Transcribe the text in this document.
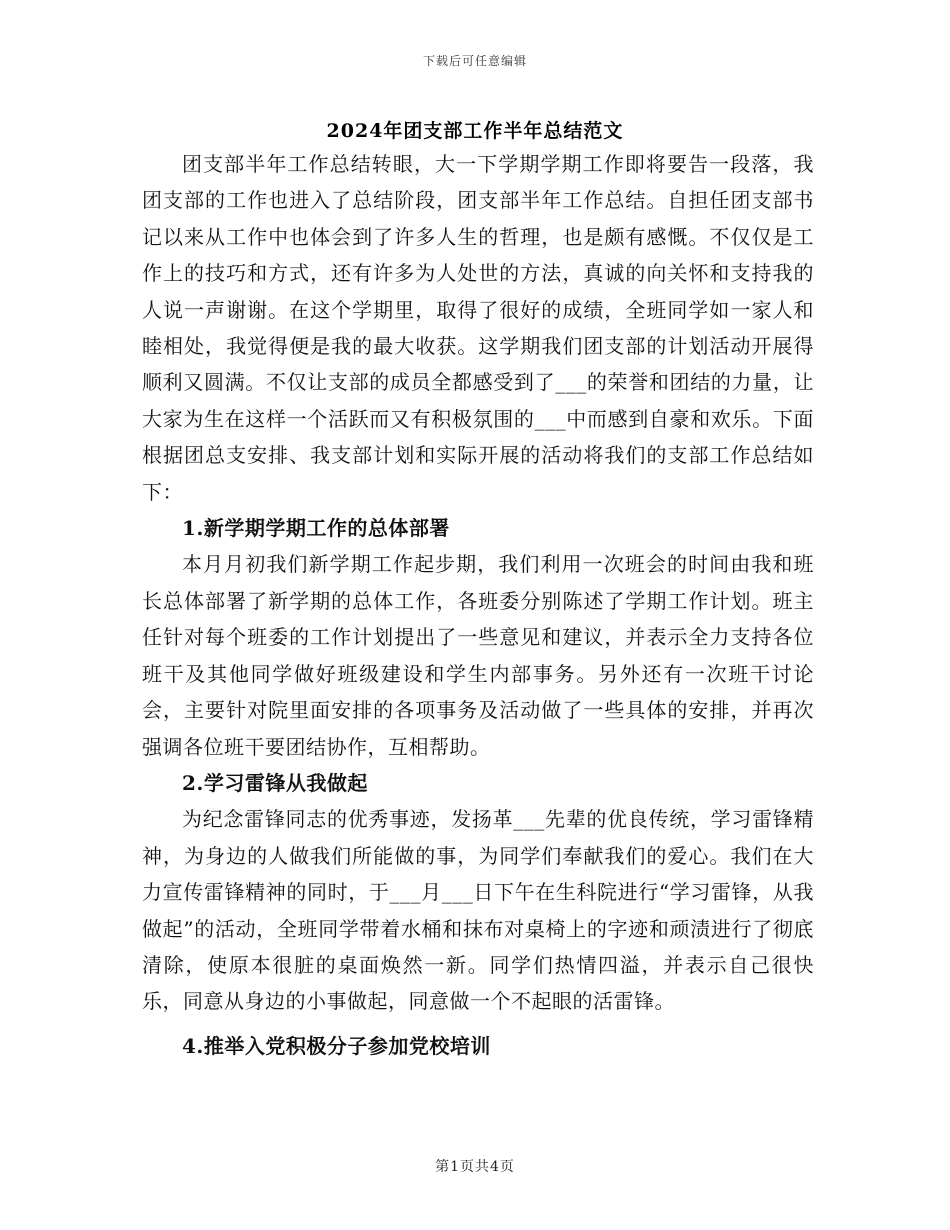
下载后可任意编辑
2024年团支部工作半年总结范文

团支部半年工作总结转眼，大一下学期学期工作即将要告一段落，我团支部的工作也进入了总结阶段，团支部半年工作总结。自担任团支部书记以来从工作中也体会到了许多人生的哲理，也是颇有感慨。不仅仅是工作上的技巧和方式，还有许多为人处世的方法，真诚的向关怀和支持我的人说一声谢谢。在这个学期里，取得了很好的成绩，全班同学如一家人和睦相处，我觉得便是我的最大收获。这学期我们团支部的计划活动开展得顺利又圆满。不仅让支部的成员全都感受到了___的荣誉和团结的力量，让大家为生在这样一个活跃而又有积极氛围的___中而感到自豪和欢乐。下面根据团总支安排、我支部计划和实际开展的活动将我们的支部工作总结如下：

1.新学期学期工作的总体部署

本月月初我们新学期工作起步期，我们利用一次班会的时间由我和班长总体部署了新学期的总体工作，各班委分别陈述了学期工作计划。班主任针对每个班委的工作计划提出了一些意见和建议，并表示全力支持各位班干及其他同学做好班级建设和学生内部事务。另外还有一次班干讨论会，主要针对院里面安排的各项事务及活动做了一些具体的安排，并再次强调各位班干要团结协作，互相帮助。

2.学习雷锋从我做起

为纪念雷锋同志的优秀事迹，发扬革___先辈的优良传统，学习雷锋精神，为身边的人做我们所能做的事，为同学们奉献我们的爱心。我们在大力宣传雷锋精神的同时，于___月___日下午在生科院进行“学习雷锋，从我做起”的活动，全班同学带着水桶和抹布对桌椅上的字迹和顽渍进行了彻底清除，使原本很脏的桌面焕然一新。同学们热情四溢，并表示自己很快乐，同意从身边的小事做起，同意做一个不起眼的活雷锋。

4.推举入党积极分子参加党校培训

第1页共4页
